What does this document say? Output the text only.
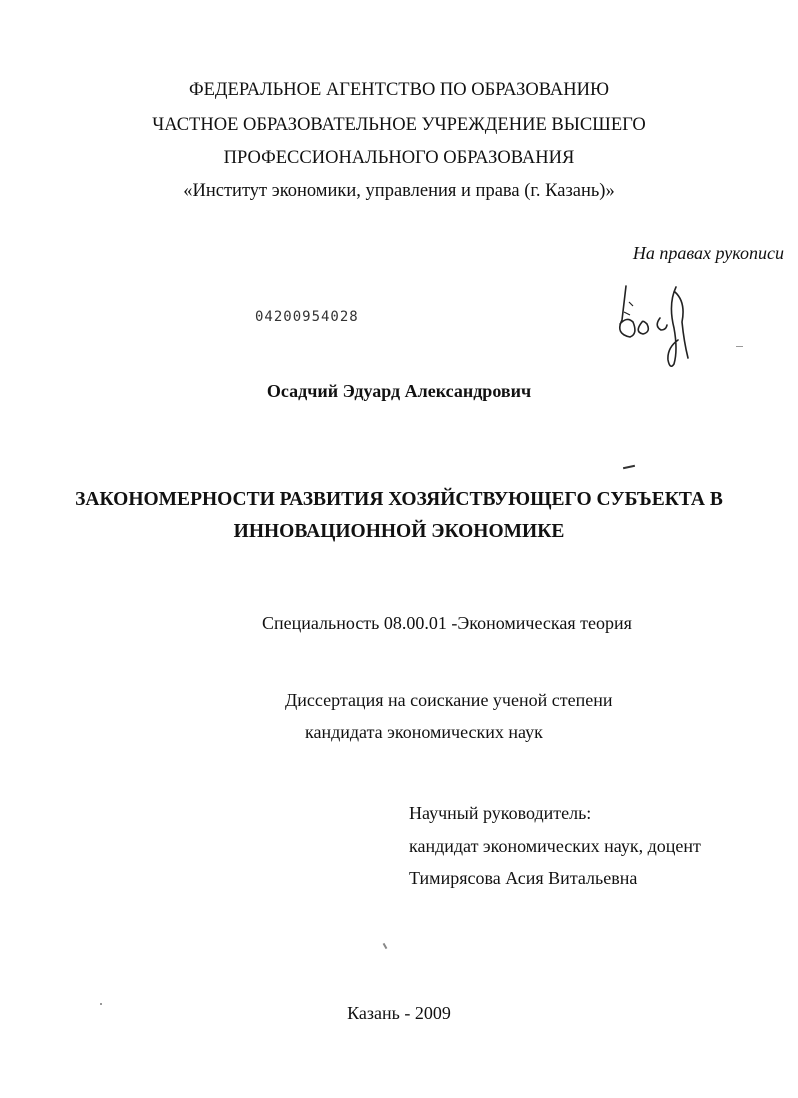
ФЕДЕРАЛЬНОЕ АГЕНТСТВО ПО ОБРАЗОВАНИЮ
ЧАСТНОЕ ОБРАЗОВАТЕЛЬНОЕ УЧРЕЖДЕНИЕ ВЫСШЕГО
ПРОФЕССИОНАЛЬНОГО ОБРАЗОВАНИЯ
«Институт экономики, управления и права (г. Казань)»
На правах рукописи
04200954028
Осадчий Эдуард Александрович
ЗАКОНОМЕРНОСТИ РАЗВИТИЯ ХОЗЯЙСТВУЮЩЕГО СУБЪЕКТА В
ИННОВАЦИОННОЙ ЭКОНОМИКЕ
Специальность 08.00.01 -Экономическая теория
Диссертация на соискание ученой степени
кандидата экономических наук
Научный руководитель:
кандидат экономических наук, доцент
Тимирясова Асия Витальевна
Казань - 2009
